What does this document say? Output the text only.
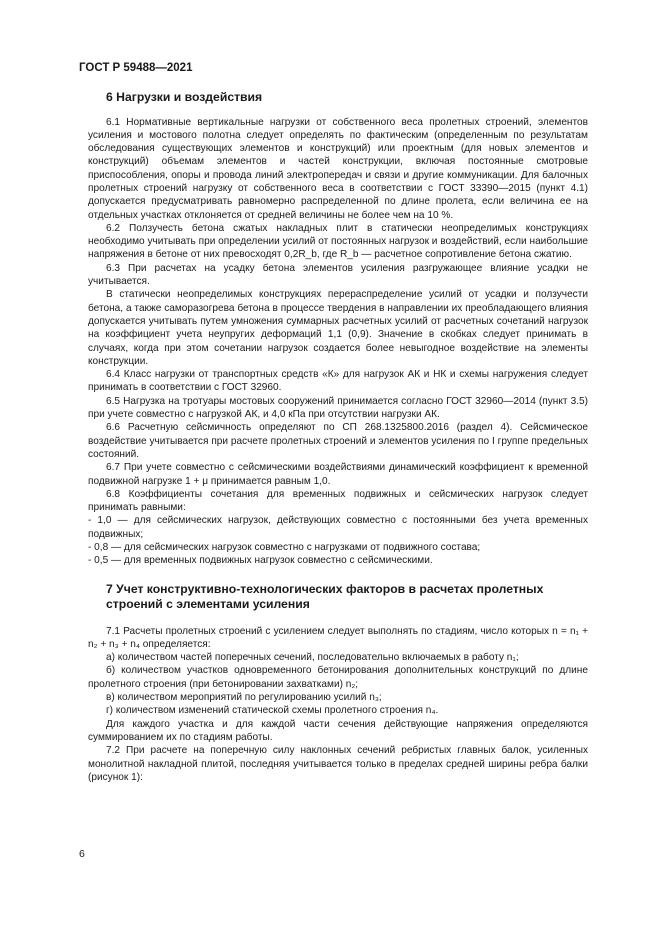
ГОСТ Р 59488—2021
6 Нагрузки и воздействия

6.1 Нормативные вертикальные нагрузки от собственного веса пролетных строений, элементов усиления и мостового полотна следует определять по фактическим (определенным по результатам обследования существующих элементов и конструкций) или проектным (для новых элементов и конструкций) объемам элементов и частей конструкции, включая постоянные смотровые приспособления, опоры и провода линий электропередач и связи и другие коммуникации. Для балочных пролетных строений нагрузку от собственного веса в соответствии с ГОСТ 33390—2015 (пункт 4.1) допускается предусматривать равномерно распределенной по длине пролета, если величина ее на отдельных участках отклоняется от средней величины не более чем на 10 %.

6.2 Ползучесть бетона сжатых накладных плит в статически неопределимых конструкциях необходимо учитывать при определении усилий от постоянных нагрузок и воздействий, если наибольшие напряжения в бетоне от них превосходят 0,2R_b, где R_b — расчетное сопротивление бетона сжатию.

6.3 При расчетах на усадку бетона элементов усиления разгружающее влияние усадки не учитывается.

В статически неопределимых конструкциях перераспределение усилий от усадки и ползучести бетона, а также саморазогрева бетона в процессе твердения в направлении их преобладающего влияния допускается учитывать путем умножения суммарных расчетных усилий от расчетных сочетаний нагрузок на коэффициент учета неупругих деформаций 1,1 (0,9). Значение в скобках следует принимать в случаях, когда при этом сочетании нагрузок создается более невыгодное воздействие на элементы конструкции.

6.4 Класс нагрузки от транспортных средств «К» для нагрузок АК и НК и схемы нагружения следует принимать в соответствии с ГОСТ 32960.

6.5 Нагрузка на тротуары мостовых сооружений принимается согласно ГОСТ 32960—2014 (пункт 3.5) при учете совместно с нагрузкой АК, и 4,0 кПа при отсутствии нагрузки АК.

6.6 Расчетную сейсмичность определяют по СП 268.1325800.2016 (раздел 4). Сейсмическое воздействие учитывается при расчете пролетных строений и элементов усиления по I группе предельных состояний.

6.7 При учете совместно с сейсмическими воздействиями динамический коэффициент к временной подвижной нагрузке 1 + μ принимается равным 1,0.

6.8 Коэффициенты сочетания для временных подвижных и сейсмических нагрузок следует принимать равными:

- 1,0 — для сейсмических нагрузок, действующих совместно с постоянными без учета временных подвижных;

- 0,8 — для сейсмических нагрузок совместно с нагрузками от подвижного состава;

- 0,5 — для временных подвижных нагрузок совместно с сейсмическими.

7 Учет конструктивно-технологических факторов в расчетах пролетных строений с элементами усиления

7.1 Расчеты пролетных строений с усилением следует выполнять по стадиям, число которых n = n₁ + n₂ + n₃ + n₄ определяется:

а) количеством частей поперечных сечений, последовательно включаемых в работу n₁;

б) количеством участков одновременного бетонирования дополнительных конструкций по длине пролетного строения (при бетонировании захватками) n₂;

в) количеством мероприятий по регулированию усилий n₃;

г) количеством изменений статической схемы пролетного строения n₄.

Для каждого участка и для каждой части сечения действующие напряжения определяются суммированием их по стадиям работы.

7.2 При расчете на поперечную силу наклонных сечений ребристых главных балок, усиленных монолитной накладной плитой, последняя учитывается только в пределах средней ширины ребра балки (рисунок 1):

6
